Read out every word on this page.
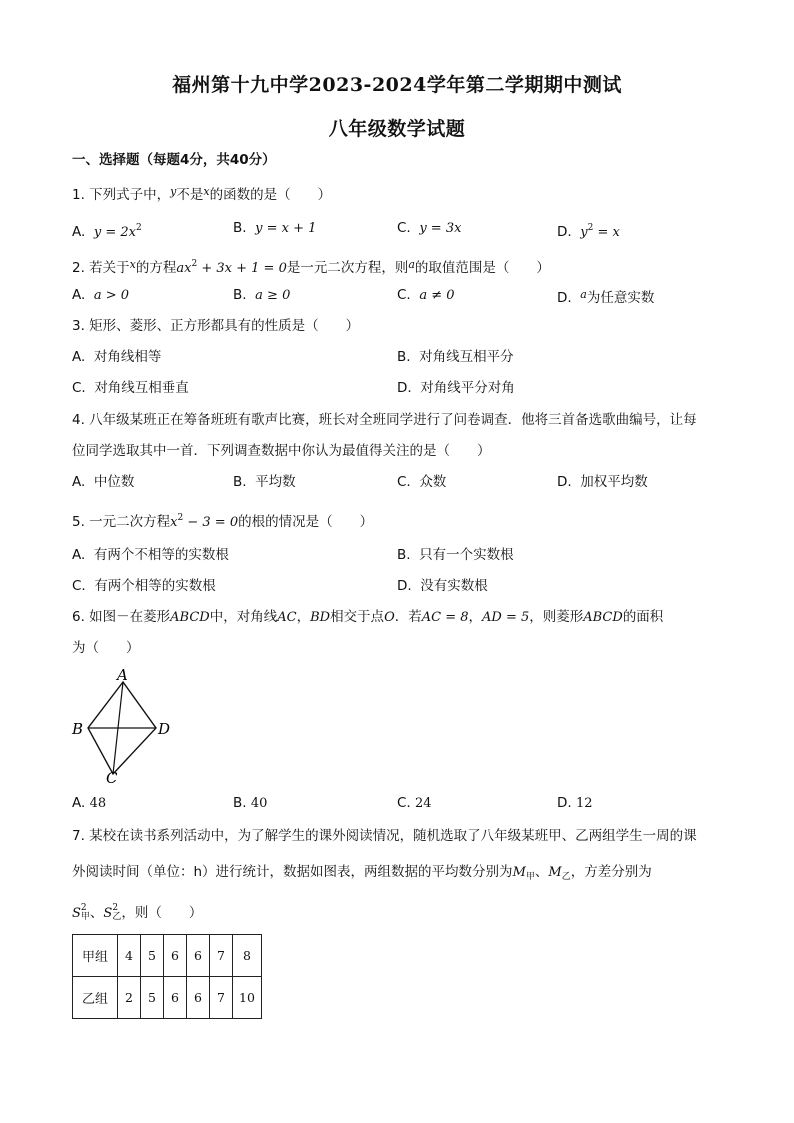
福州第十九中学2023-2024学年第二学期期中测试
八年级数学试题
一、选择题（每题4分，共40分）
1. 下列式子中，$^y$不是$^x$的函数的是（　　）
A. $y = 2x^2$	B. y = x + 1	C. y = 3x	D. $y^2 = x$
2. 若关于$^x$的方程$ax^2 + 3x + 1 = 0$是一元二次方程，则$^a$的取值范围是（　　）
A. a > 0	B. a ≥ 0	C. a ≠ 0	D. $^a$为任意实数
3. 矩形、菱形、正方形都具有的性质是（　　）
A. 对角线相等	B. 对角线互相平分
C. 对角线互相垂直	D. 对角线平分对角
4. 八年级某班正在筹备班班有歌声比赛，班长对全班同学进行了问卷调查．他将三首备选歌曲编号，让每
位同学选取其中一首．下列调查数据中你认为最值得关注的是（　　）
A. 中位数	B. 平均数	C. 众数	D. 加权平均数
5. 一元二次方程$x^2 - 3 = 0$的根的情况是（　　）
A. 有两个不相等的实数根	B. 只有一个实数根
C. 有两个相等的实数根	D. 没有实数根
6. 如图－在菱形ABCD中，对角线AC，BD相交于点O．若AC = 8，AD = 5，则菱形ABCD的面积
为（　　）
A
B
C
D
A. 48	B. 40	C. 24	D. 12
7. 某校在读书系列活动中，为了解学生的课外阅读情况，随机选取了八年级某班甲、乙两组学生一周的课
外阅读时间（单位：h）进行统计，数据如图表，两组数据的平均数分别为$M_甲$、$M_乙$，方差分别为
S 2
甲 、S 2
乙 ，则（　　）
甲组	4	5	6	6	7	8
乙组	2	5	6	6	7	10
